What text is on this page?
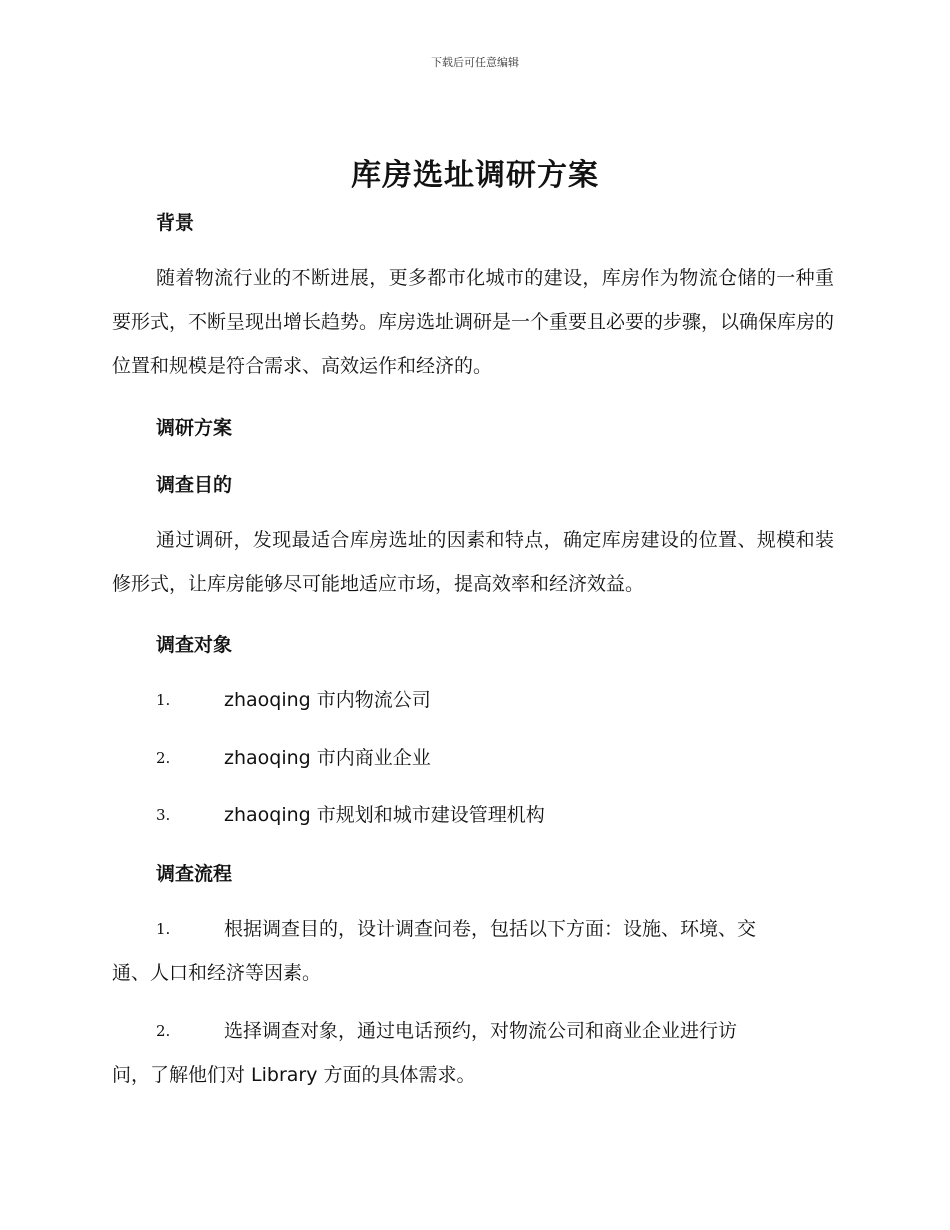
下载后可任意编辑
库房选址调研方案
背景

随着物流行业的不断进展，更多都市化城市的建设，库房作为物流仓储的一种重要形式，不断呈现出增长趋势。库房选址调研是一个重要且必要的步骤，以确保库房的位置和规模是符合需求、高效运作和经济的。

调研方案
调查目的

通过调研，发现最适合库房选址的因素和特点，确定库房建设的位置、规模和装修形式，让库房能够尽可能地适应市场，提高效率和经济效益。

调查对象
1.	zhaoqing 市内物流公司
2.	zhaoqing 市内商业企业
3.	zhaoqing 市规划和城市建设管理机构
调查流程
1.	根据调查目的，设计调查问卷，包括以下方面：设施、环境、交
通、人口和经济等因素。
2.	选择调查对象，通过电话预约，对物流公司和商业企业进行访
问，了解他们对 Library 方面的具体需求。
